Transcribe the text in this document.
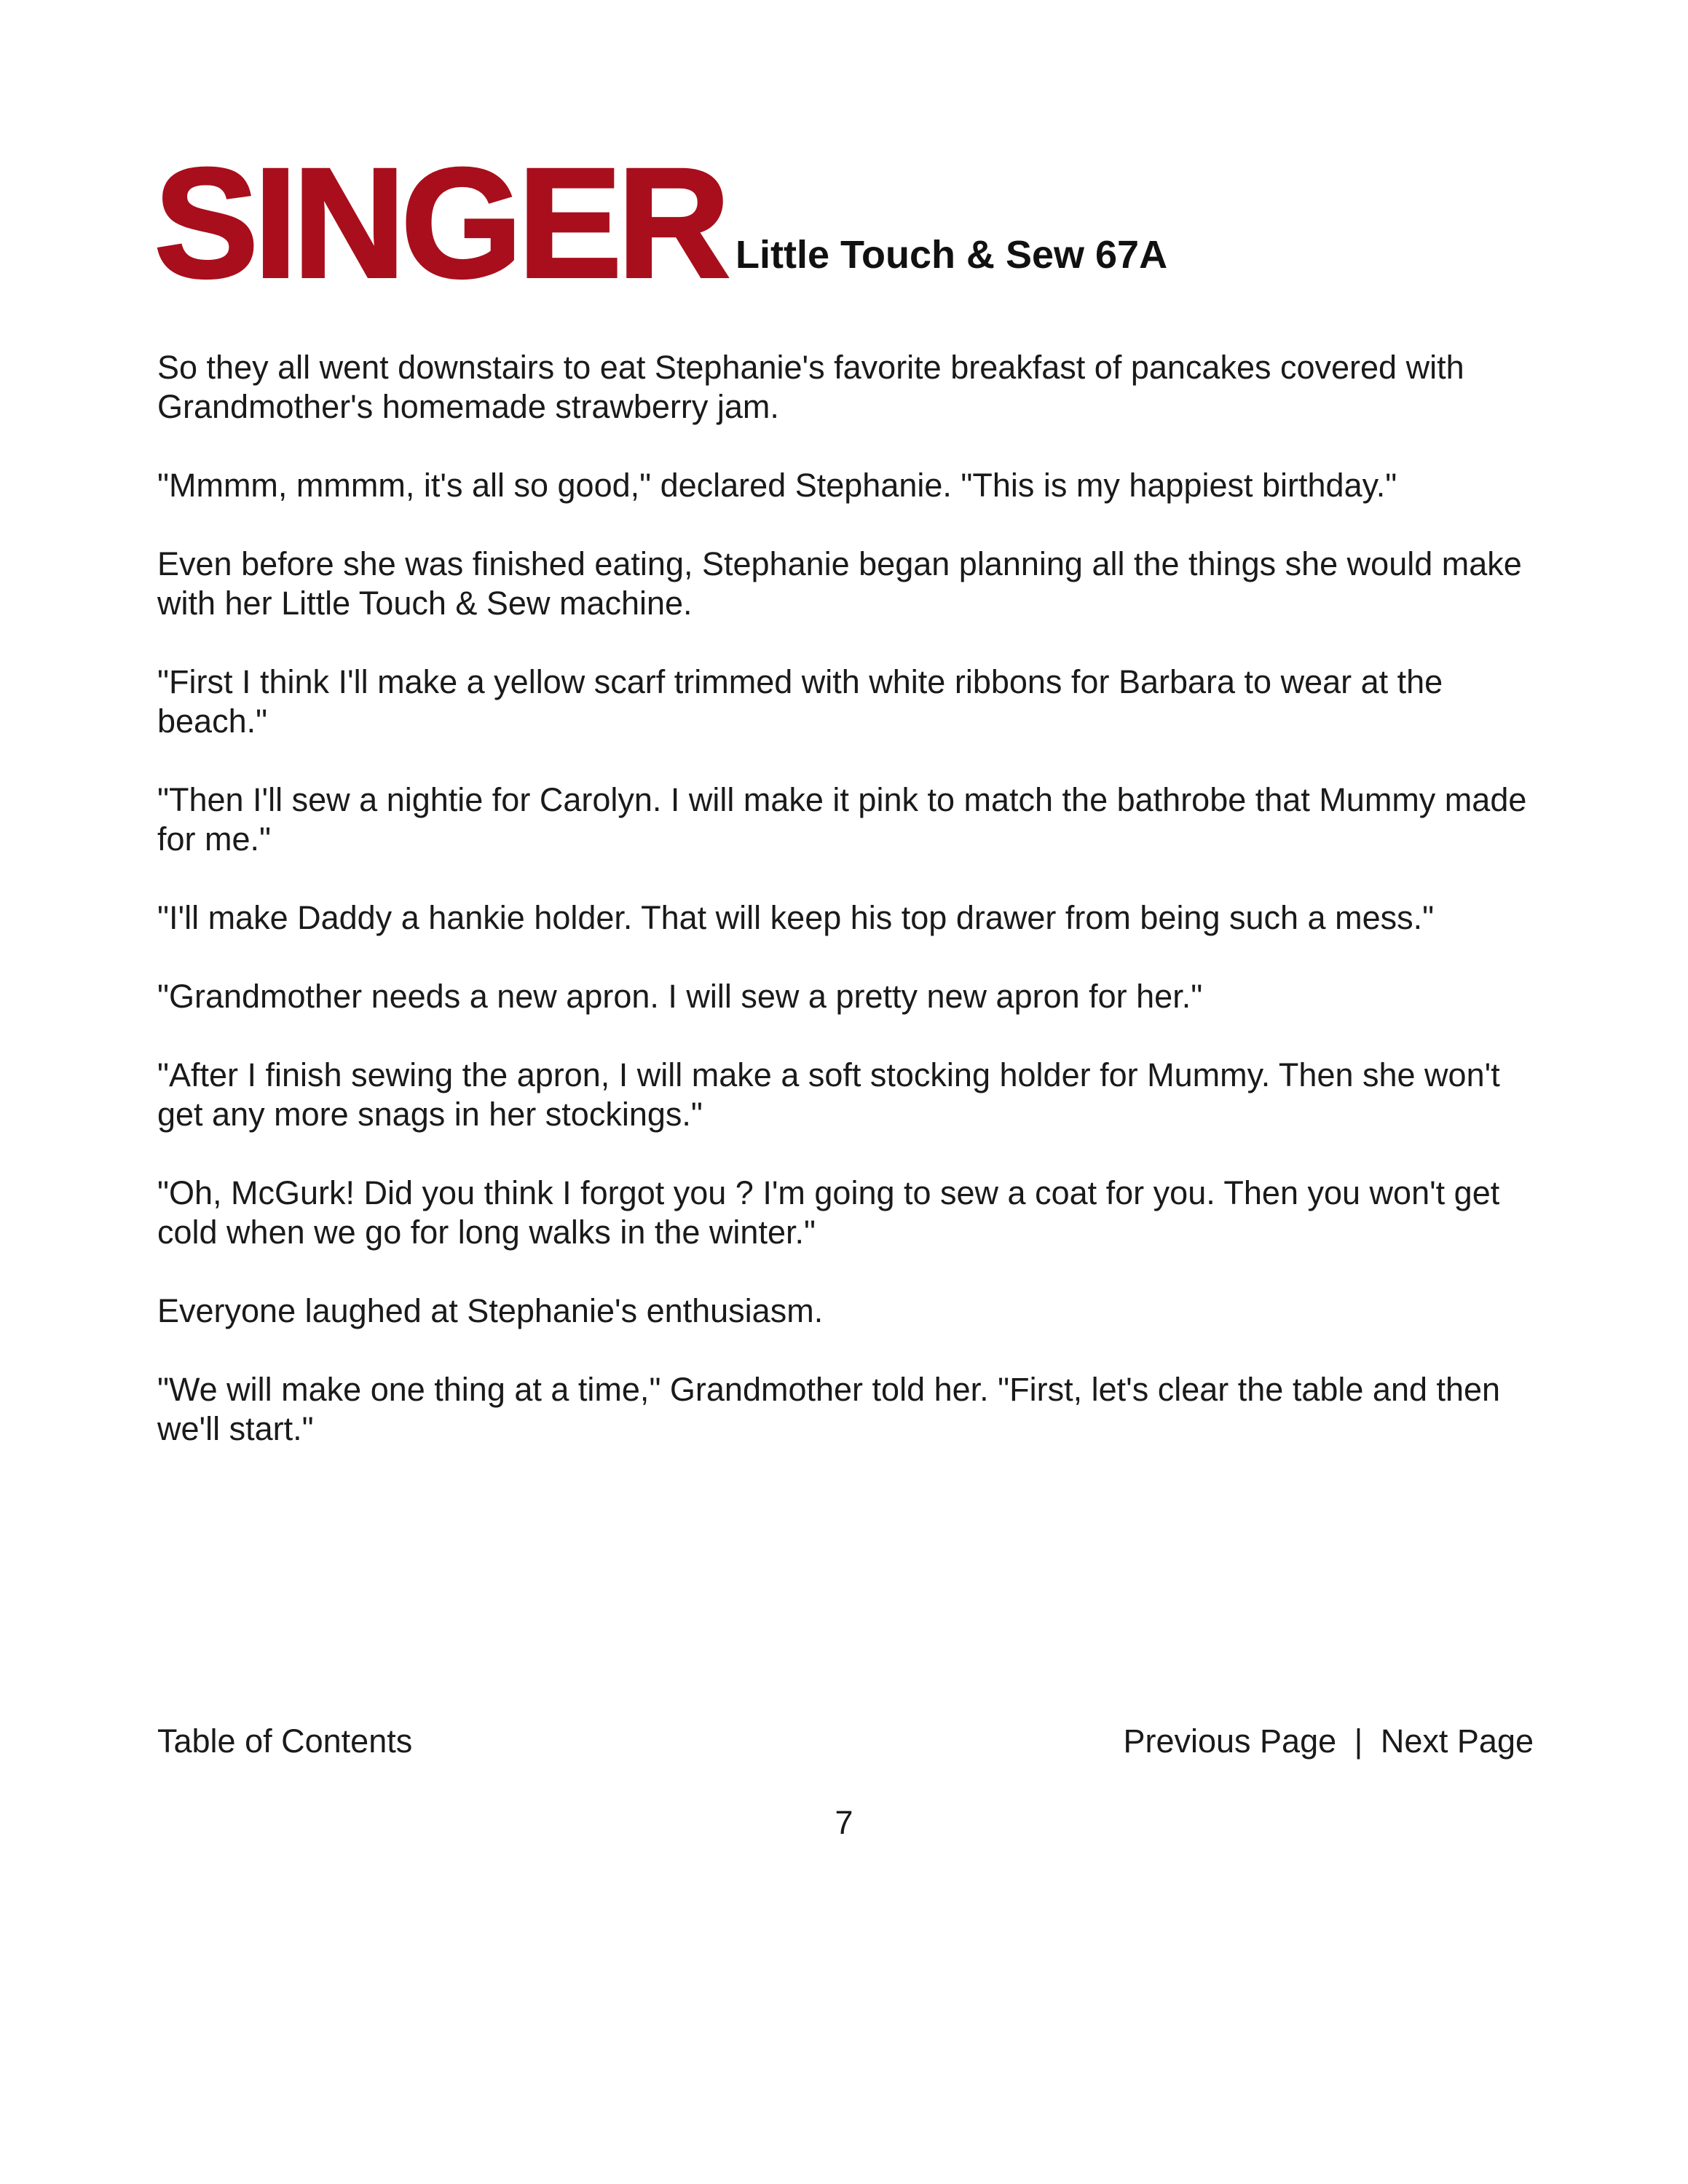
SINGER Little Touch & Sew 67A

So they all went downstairs to eat Stephanie's favorite breakfast of pancakes covered with Grandmother's homemade strawberry jam.

"Mmmm, mmmm, it's all so good," declared Stephanie. "This is my happiest birthday."

Even before she was finished eating, Stephanie began planning all the things she would make with her Little Touch & Sew machine.

"First I think I'll make a yellow scarf trimmed with white ribbons for Barbara to wear at the beach."

"Then I'll sew a nightie for Carolyn. I will make it pink to match the bathrobe that Mummy made for me."

"I'll make Daddy a hankie holder. That will keep his top drawer from being such a mess."

"Grandmother needs a new apron. I will sew a pretty new apron for her."

"After I finish sewing the apron, I will make a soft stocking holder for Mummy. Then she won't get any more snags in her stockings."

"Oh, McGurk! Did you think I forgot you ? I'm going to sew a coat for you. Then you won't get cold when we go for long walks in the winter."

Everyone laughed at Stephanie's enthusiasm.

"We will make one thing at a time," Grandmother told her. "First, let's clear the table and then we'll start."

Table of Contents	Previous Page | Next Page
7
